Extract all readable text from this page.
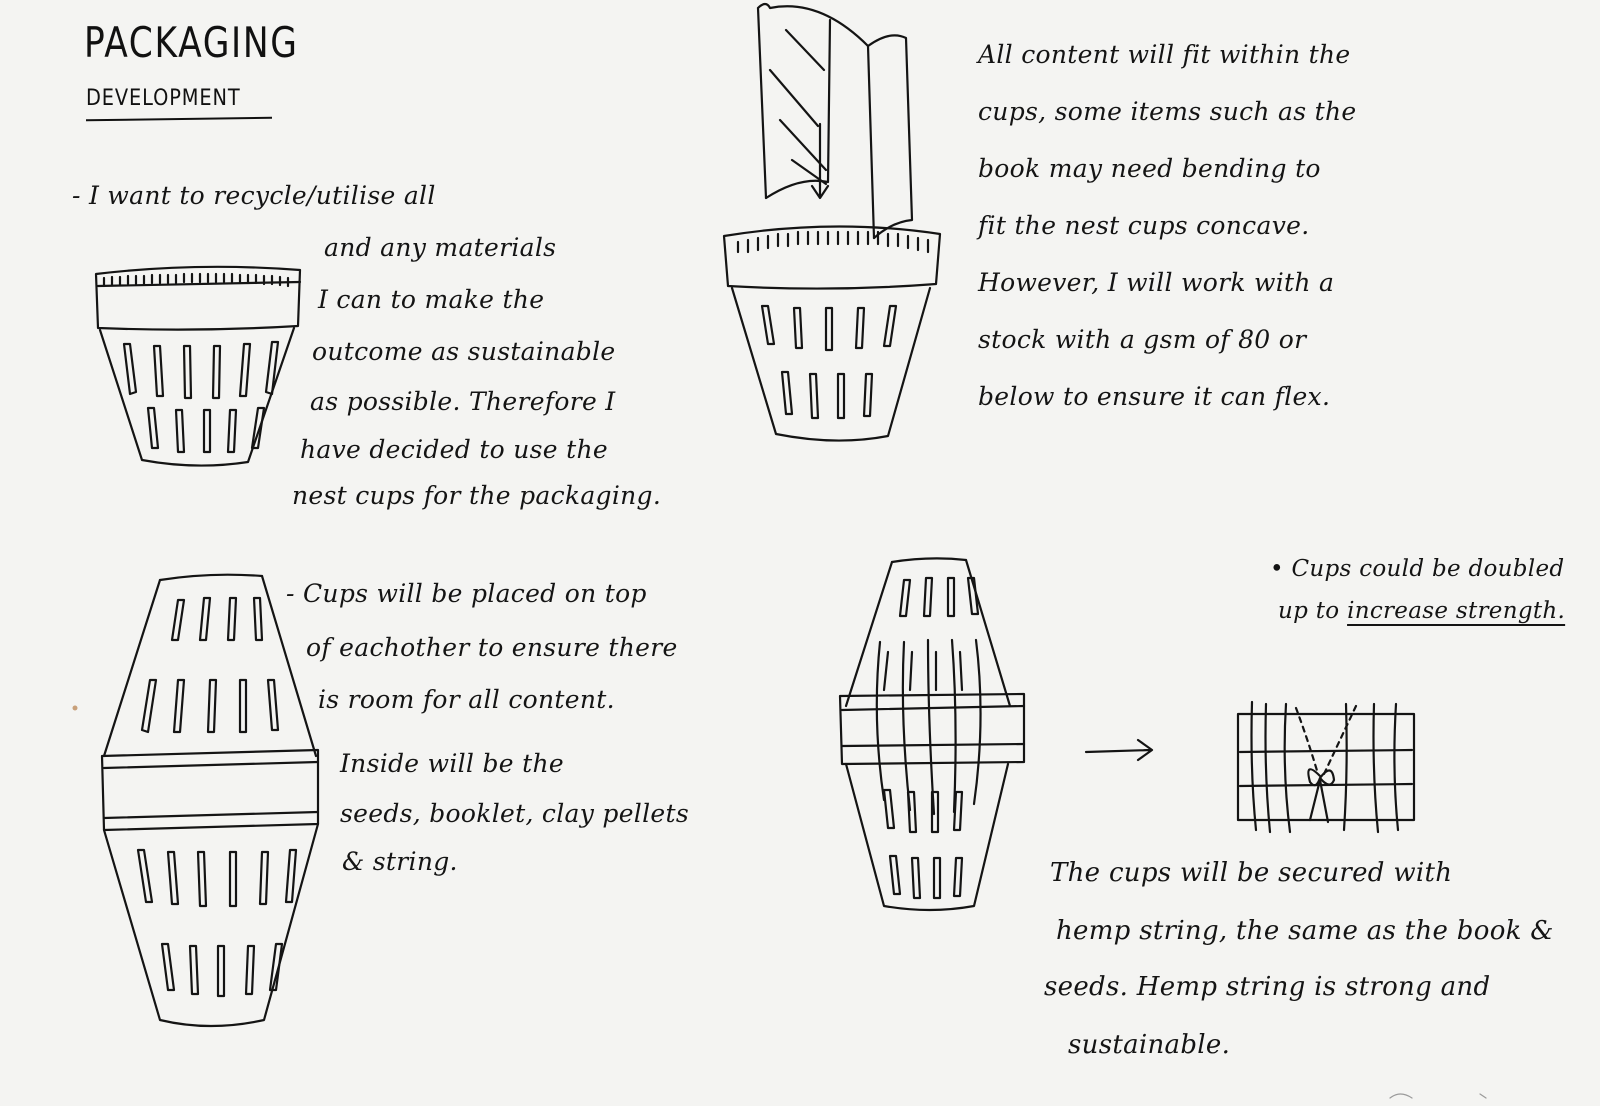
PACKAGING
DEVELOPMENT
- I want to recycle/utilise all
and any materials
I can to make the
outcome as sustainable
as possible. Therefore I
have decided to use the
nest cups for the packaging.
All content will fit within the
cups, some items such as the
book may need bending to
fit the nest cups concave.
However, I will work with a
stock with a gsm of 80 or
below to ensure it can flex.
- Cups will be placed on top
of eachother to ensure there
is room for all content.
Inside will be the
seeds, booklet, clay pellets
& string.
• Cups could be doubled
up to increase strength.
The cups will be secured with
hemp string, the same as the book &
seeds. Hemp string is strong and
sustainable.
